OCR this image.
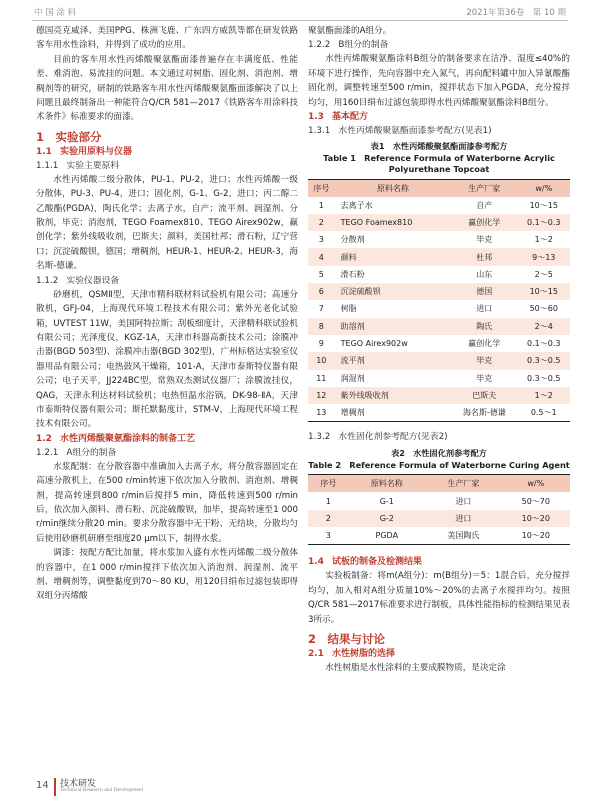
中 国 涂 料	2021年第36卷　第 10 期

德国亮克威泽、美国PPG、株洲飞鹿、广东四方威凯等都在研发铁路客车用水性涂料，并得到了成功的应用。

目前的客车用水性丙烯酸聚氨酯面漆普遍存在丰满度低、性能差、难消泡、易流挂的问题。本文通过对树脂、固化剂、消泡剂、增稠剂等的研究，研制的铁路客车用水性丙烯酸聚氨酯面漆解决了以上问题且最终制备出一种能符合Q/CR 581—2017《铁路客车用涂料技术条件》标准要求的面漆。

1　 实验部分
1.1 实验用原料与仪器
1.1.1 实验主要原料

水性丙烯酸二级分散体，PU-1、PU-2，进口；水性丙烯酸一级分散体，PU-3、PU-4，进口；固化剂，G-1、G-2，进口；丙二醇二乙酸酯(PGDA)，陶氏化学；去离子水，自产；流平剂、润湿剂、分散剂，毕克；消泡剂，TEGO Foamex810、TEGO Airex902w，赢创化学；紫外线吸收剂，巴斯夫；颜料，美国杜邦；滑石粉，辽宁营口；沉淀硫酸钡，德国；增稠剂，HEUR-1、HEUR-2、HEUR-3，海名斯-德谦。

1.1.2 实验仪器设备

砂磨机，QSMⅡ型，天津市精科联材料试验机有限公司；高速分散机，GFJ-04，上海现代环境工程技术有限公司；紫外光老化试验箱，UVTEST 11W，美国阿特拉斯；刮板细度计，天津精科联试验机有限公司；光泽度仪，KGZ-1A，天津市科器高新技术公司；涂膜冲击器(BGD 503型)、涂膜冲击器(BGD 302型)，广州标格达实验室仪器用品有限公司；电热鼓风干燥箱，101-A，天津市泰斯特仪器有限公司；电子天平，JJ224BC型，常熟双杰测试仪器厂；涂膜流挂仪，QAG，天津永利达材料试验机；电热恒温水浴锅，DK-98-ⅡA，天津市泰斯特仪器有限公司；斯托默黏度计，STM-V，上海现代环境工程技术有限公司。

1.2 水性丙烯酸聚氨酯涂料的制备工艺
1.2.1 A组分的制备

水浆配制：在分散容器中准确加入去离子水，将分散容器固定在高速分散机上，在500 r/min转速下依次加入分散剂、消泡剂、增稠剂，提高转速到800 r/min后搅拌5 min，降低转速到500 r/min后，依次加入颜料、滑石粉、沉淀硫酸钡，加毕，提高转速至1 000 r/min继续分散20 min。要求分散容器中无干粉、无结块，分散均匀后使用砂磨机研磨至细度20 μm以下，制得水浆。

调漆：按配方配比加量，将水浆加入盛有水性丙烯酸二级分散体的容器中，在1 000 r/min搅拌下依次加入消泡剂、润湿剂、流平剂、增稠剂等，调整黏度到70～80 KU，用120目绢布过滤包装即得双组分丙烯酸

聚氨酯面漆的A组分。

1.2.2 B组分的制备

水性丙烯酸聚氨酯涂料B组分的制备要求在洁净、湿度≤40%的环境下进行操作，先向容器中充入氮气，再向配料罐中加入异氰酸酯固化剂，调整转速至500 r/min，搅拌状态下加入PGDA，充分搅拌均匀，用160目绢布过滤包装即得水性丙烯酸聚氨酯涂料B组分。

1.3 基本配方
1.3.1 水性丙烯酸聚氨酯面漆参考配方(见表1)
表1　水性丙烯酸聚氨酯面漆参考配方
Table 1　Reference Formula of Waterborne Acrylic
Polyurethane Topcoat
序号	原料名称	生产厂家	w/%
1	去离子水	自产	10～15
2	TEGO Foamex810	赢创化学	0.1～0.3
3	分散剂	毕克	1～2
4	颜料	杜邦	9～13
5	滑石粉	山东	2～5
6	沉淀硫酸钡	德国	10～15
7	树脂	进口	50～60
8	助溶剂	陶氏	2～4
9	TEGO Airex902w	赢创化学	0.1～0.3
10	流平剂	毕克	0.3～0.5
11	润湿剂	毕克	0.3～0.5
12	紫外线吸收剂	巴斯夫	1～2
13	增稠剂	海名斯-德谦	0.5～1
1.3.2 水性固化剂参考配方(见表2)
表2　水性固化剂参考配方
Table 2　Reference Formula of Waterborne Curing Agent
序号	原料名称	生产厂家	w/%
1	G-1	进口	50～70
2	G-2	进口	10～20
3	PGDA	美国陶氏	10～20
1.4 试板的制备及检测结果

实验板制备：将m(A组分)：m(B组分)＝5：1混合后，充分搅拌均匀，加入相对A组分质量10%～20%的去离子水搅拌均匀。按照Q/CR 581—2017标准要求进行制板，具体性能指标的检测结果见表3所示。

2　 结果与讨论
2.1 水性树脂的选择

水性树脂是水性涂料的主要成膜物质，是决定涂

14 技术研发
Technical Research and Development
